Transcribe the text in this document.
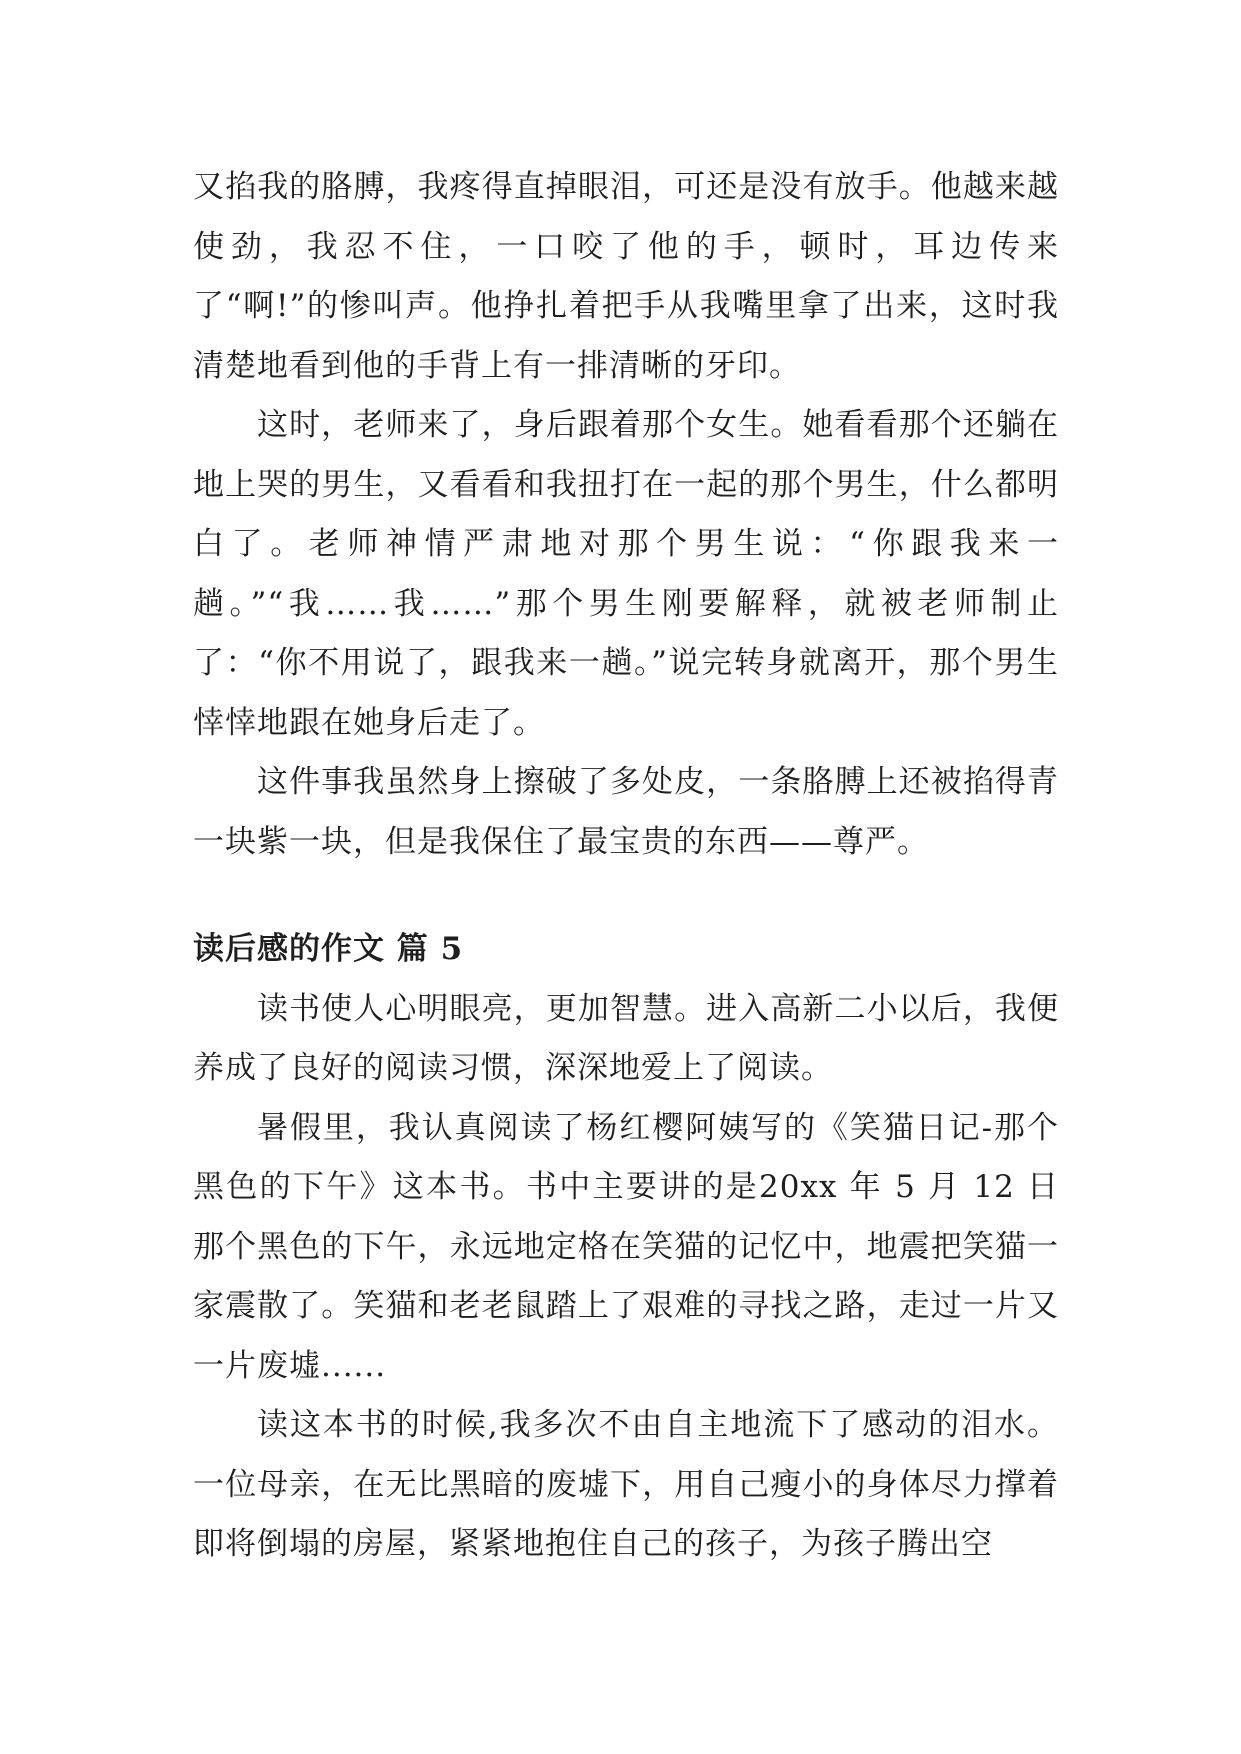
又掐我的胳膊，我疼得直掉眼泪，可还是没有放手。他越来越使劲，我忍不住，一口咬了他的手，顿时，耳边传来了“啊!”的惨叫声。他挣扎着把手从我嘴里拿了出来，这时我清楚地看到他的手背上有一排清晰的牙印。

这时，老师来了，身后跟着那个女生。她看看那个还躺在地上哭的男生，又看看和我扭打在一起的那个男生，什么都明白了。老师神情严肃地对那个男生说：“你跟我来一趟。”“我……我……”那个男生刚要解释，就被老师制止了：“你不用说了，跟我来一趟。”说完转身就离开，那个男生悻悻地跟在她身后走了。

这件事我虽然身上擦破了多处皮，一条胳膊上还被掐得青一块紫一块，但是我保住了最宝贵的东西——尊严。

读后感的作文 篇 5

读书使人心明眼亮，更加智慧。进入高新二小以后，我便养成了良好的阅读习惯，深深地爱上了阅读。

暑假里，我认真阅读了杨红樱阿姨写的《笑猫日记-那个黑色的下午》这本书。书中主要讲的是20xx 年 5 月 12 日那个黑色的下午，永远地定格在笑猫的记忆中，地震把笑猫一家震散了。笑猫和老老鼠踏上了艰难的寻找之路，走过一片又一片废墟......

读这本书的时候,我多次不由自主地流下了感动的泪水。一位母亲，在无比黑暗的废墟下，用自己瘦小的身体尽力撑着即将倒塌的房屋，紧紧地抱住自己的孩子，为孩子腾出空
